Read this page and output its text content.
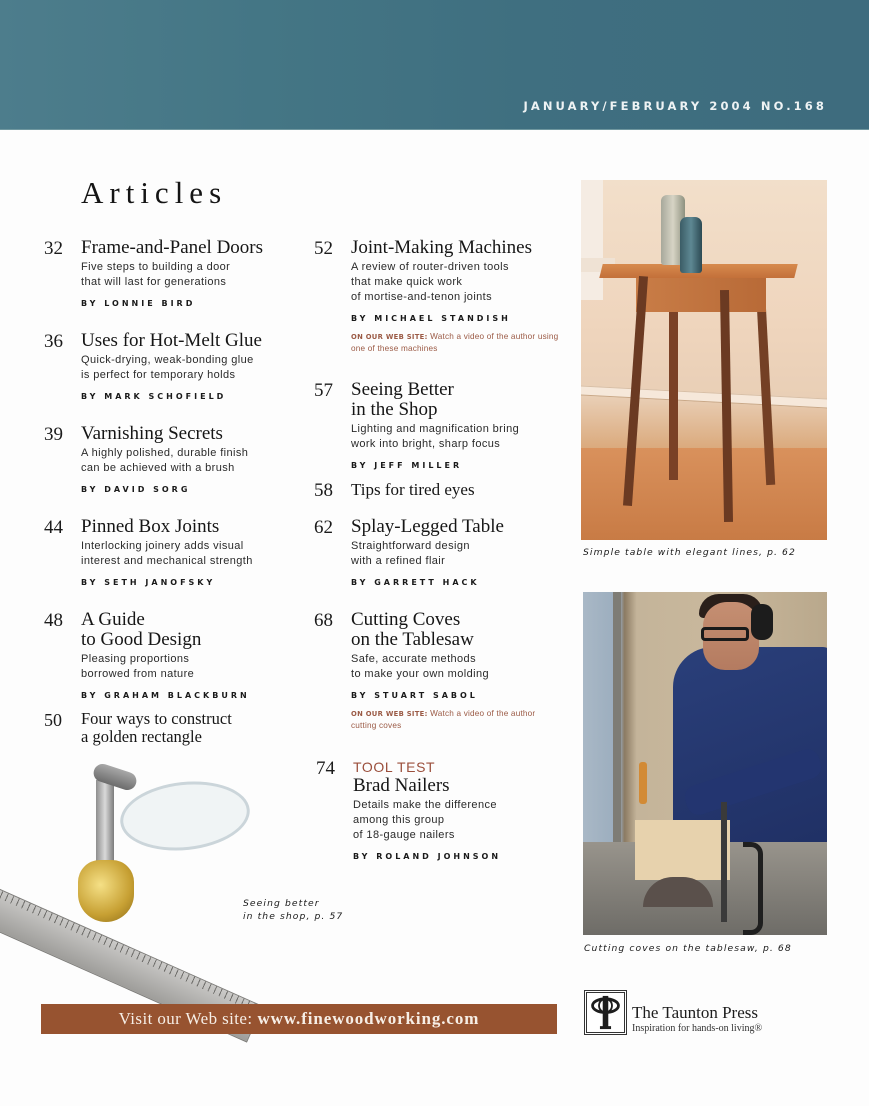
JANUARY/FEBRUARY 2004 NO.168
Articles
32 Frame-and-Panel Doors
Five steps to building a door
that will last for generations
BY LONNIE BIRD
36 Uses for Hot-Melt Glue
Quick-drying, weak-bonding glue
is perfect for temporary holds
BY MARK SCHOFIELD
39 Varnishing Secrets
A highly polished, durable finish
can be achieved with a brush
BY DAVID SORG
44 Pinned Box Joints
Interlocking joinery adds visual
interest and mechanical strength
BY SETH JANOFSKY
48 A Guide
to Good Design
Pleasing proportions
borrowed from nature
BY GRAHAM BLACKBURN
50	Four ways to construct
a golden rectangle
52 Joint-Making Machines
A review of router-driven tools
that make quick work
of mortise-and-tenon joints
BY MICHAEL STANDISH
ON OUR WEB SITE: Watch a video of the author using
one of these machines
57 Seeing Better
in the Shop
Lighting and magnification bring
work into bright, sharp focus
BY JEFF MILLER
58	Tips for tired eyes
62 Splay-Legged Table
Straightforward design
with a refined flair
BY GARRETT HACK
68 Cutting Coves
on the Tablesaw
Safe, accurate methods
to make your own molding
BY STUART SABOL
ON OUR WEB SITE: Watch a video of the author
cutting coves
74	TOOL TEST
Brad Nailers
Details make the difference
among this group
of 18-gauge nailers
BY ROLAND JOHNSON
Simple table with elegant lines, p. 62
Cutting coves on the tablesaw, p. 68
Seeing better
in the shop, p. 57
Visit our Web site: www.finewoodworking.com	The Taunton Press
Inspiration for hands-on living®
